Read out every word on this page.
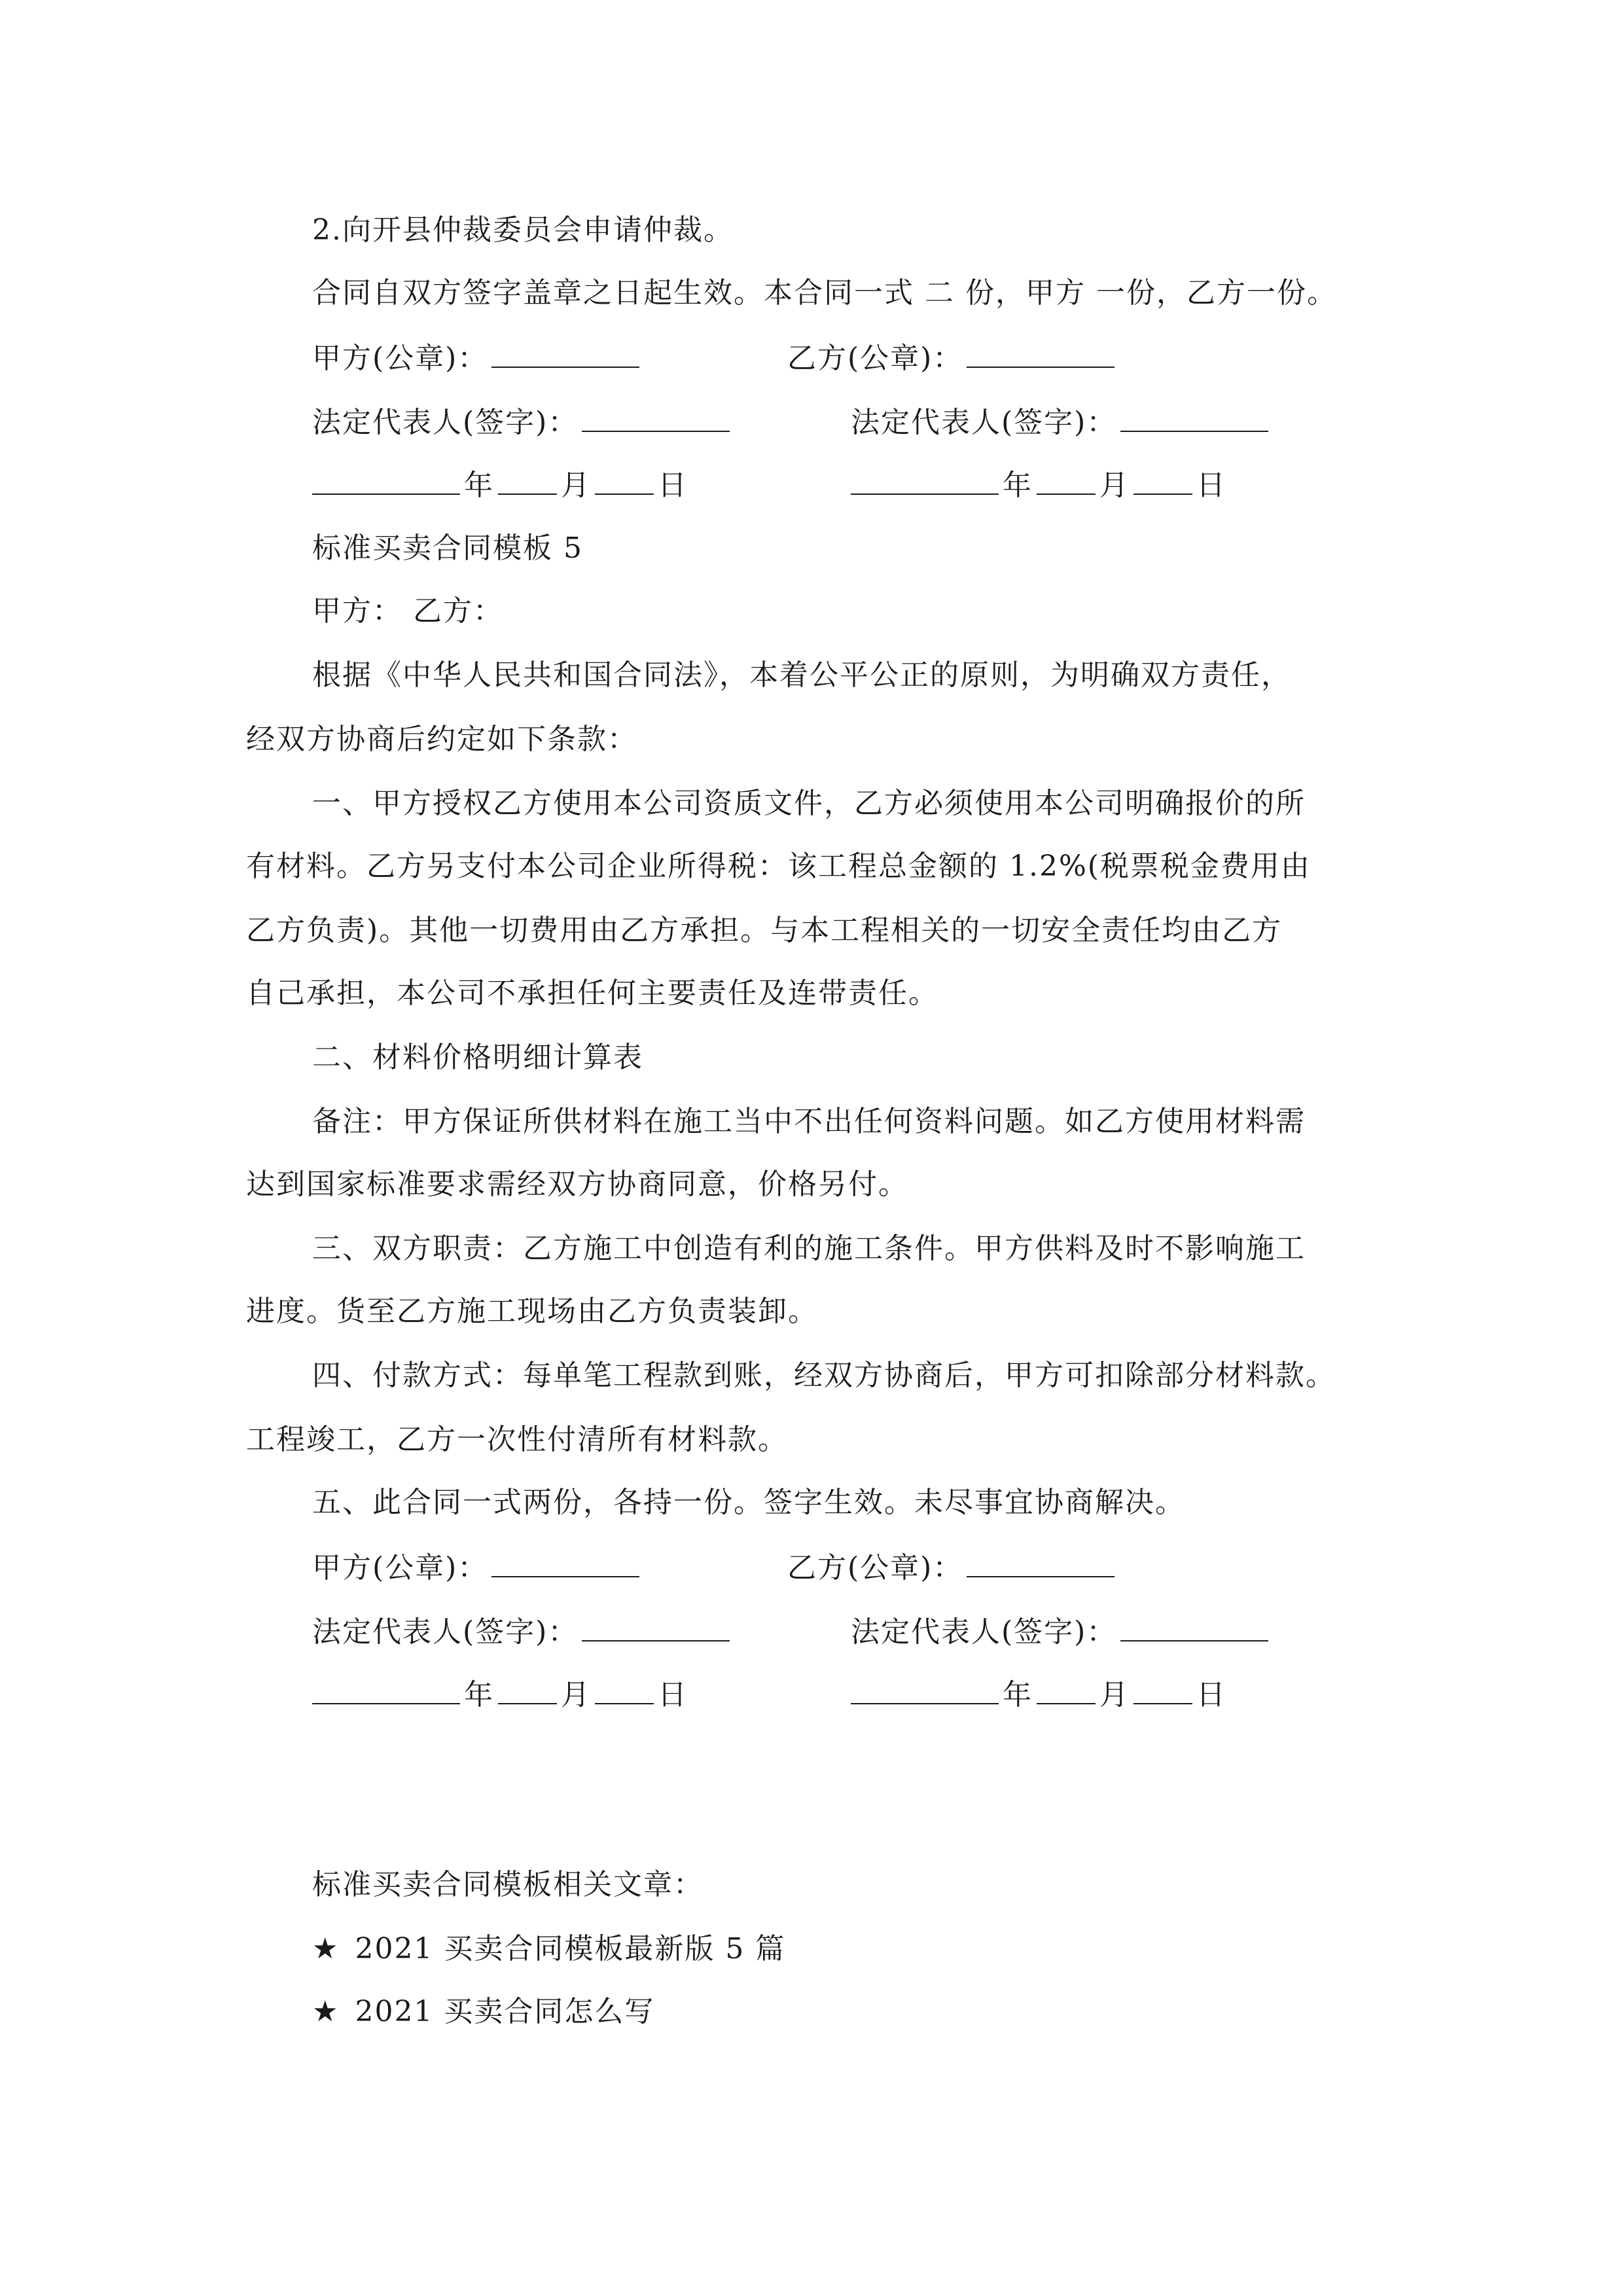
2.向开县仲裁委员会申请仲裁。
合同自双方签字盖章之日起生效。本合同一式 二 份，甲方 一份，乙方一份。
甲方(公章)：	乙方(公章)：
法定代表人(签字)：	法定代表人(签字)：
年 月 日	年 月 日
标准买卖合同模板 5
甲方： 乙方：
根据《中华人民共和国合同法》，本着公平公正的原则，为明确双方责任，
经双方协商后约定如下条款：
一、甲方授权乙方使用本公司资质文件，乙方必须使用本公司明确报价的所
有材料。乙方另支付本公司企业所得税：该工程总金额的 1.2%(税票税金费用由
乙方负责)。其他一切费用由乙方承担。与本工程相关的一切安全责任均由乙方
自己承担，本公司不承担任何主要责任及连带责任。
二、材料价格明细计算表
备注：甲方保证所供材料在施工当中不出任何资料问题。如乙方使用材料需
达到国家标准要求需经双方协商同意，价格另付。
三、双方职责：乙方施工中创造有利的施工条件。甲方供料及时不影响施工
进度。货至乙方施工现场由乙方负责装卸。
四、付款方式：每单笔工程款到账，经双方协商后，甲方可扣除部分材料款。
工程竣工，乙方一次性付清所有材料款。
五、此合同一式两份，各持一份。签字生效。未尽事宜协商解决。
甲方(公章)：	乙方(公章)：
法定代表人(签字)：	法定代表人(签字)：
年 月 日	年 月 日
标准买卖合同模板相关文章：
★ 2021 买卖合同模板最新版 5 篇
★ 2021 买卖合同怎么写
